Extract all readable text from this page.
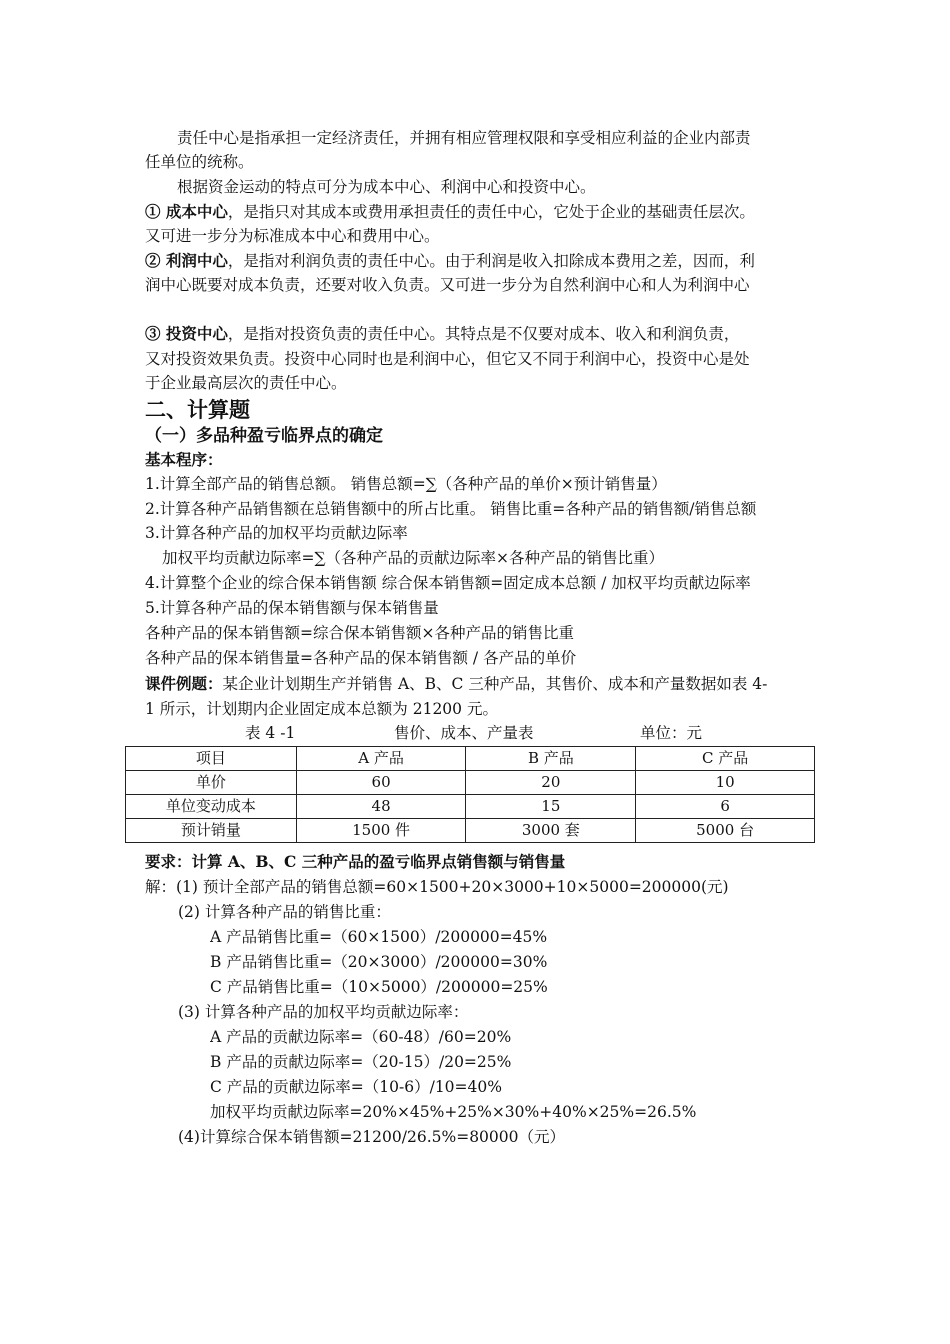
责任中心是指承担一定经济责任，并拥有相应管理权限和享受相应利益的企业内部责
任单位的统称。
根据资金运动的特点可分为成本中心、利润中心和投资中心。
① 成本中心，是指只对其成本或费用承担责任的责任中心，它处于企业的基础责任层次。
又可进一步分为标准成本中心和费用中心。
② 利润中心，是指对利润负责的责任中心。由于利润是收入扣除成本费用之差，因而，利
润中心既要对成本负责，还要对收入负责。又可进一步分为自然利润中心和人为利润中心
③ 投资中心，是指对投资负责的责任中心。其特点是不仅要对成本、收入和利润负责，
又对投资效果负责。投资中心同时也是利润中心，但它又不同于利润中心，投资中心是处
于企业最高层次的责任中心。
二、计算题
（一）多品种盈亏临界点的确定
基本程序：
1.计算全部产品的销售总额。 销售总额=∑（各种产品的单价×预计销售量）
2.计算各种产品销售额在总销售额中的所占比重。 销售比重=各种产品的销售额/销售总额
3.计算各种产品的加权平均贡献边际率
加权平均贡献边际率=∑（各种产品的贡献边际率×各种产品的销售比重）
4.计算整个企业的综合保本销售额 综合保本销售额=固定成本总额 / 加权平均贡献边际率
5.计算各种产品的保本销售额与保本销售量
各种产品的保本销售额=综合保本销售额×各种产品的销售比重
各种产品的保本销售量=各种产品的保本销售额 / 各产品的单价
课件例题：某企业计划期生产并销售 A、B、C 三种产品，其售价、成本和产量数据如表 4-
1 所示，计划期内企业固定成本总额为 21200 元。
表 4 -1	售价、成本、产量表	单位：元
项目	A 产品	B 产品	C 产品
单价	60	20	10
单位变动成本	48	15	6
预计销量	1500 件	3000 套	5000 台
要求：计算 A、B、C 三种产品的盈亏临界点销售额与销售量
解：(1) 预计全部产品的销售总额=60×1500+20×3000+10×5000=200000(元)
(2) 计算各种产品的销售比重：
A 产品销售比重=（60×1500）/200000=45%
B 产品销售比重=（20×3000）/200000=30%
C 产品销售比重=（10×5000）/200000=25%
(3) 计算各种产品的加权平均贡献边际率：
A 产品的贡献边际率=（60-48）/60=20%
B 产品的贡献边际率=（20-15）/20=25%
C 产品的贡献边际率=（10-6）/10=40%
加权平均贡献边际率=20%×45%+25%×30%+40%×25%=26.5%
(4)计算综合保本销售额=21200/26.5%=80000（元）
